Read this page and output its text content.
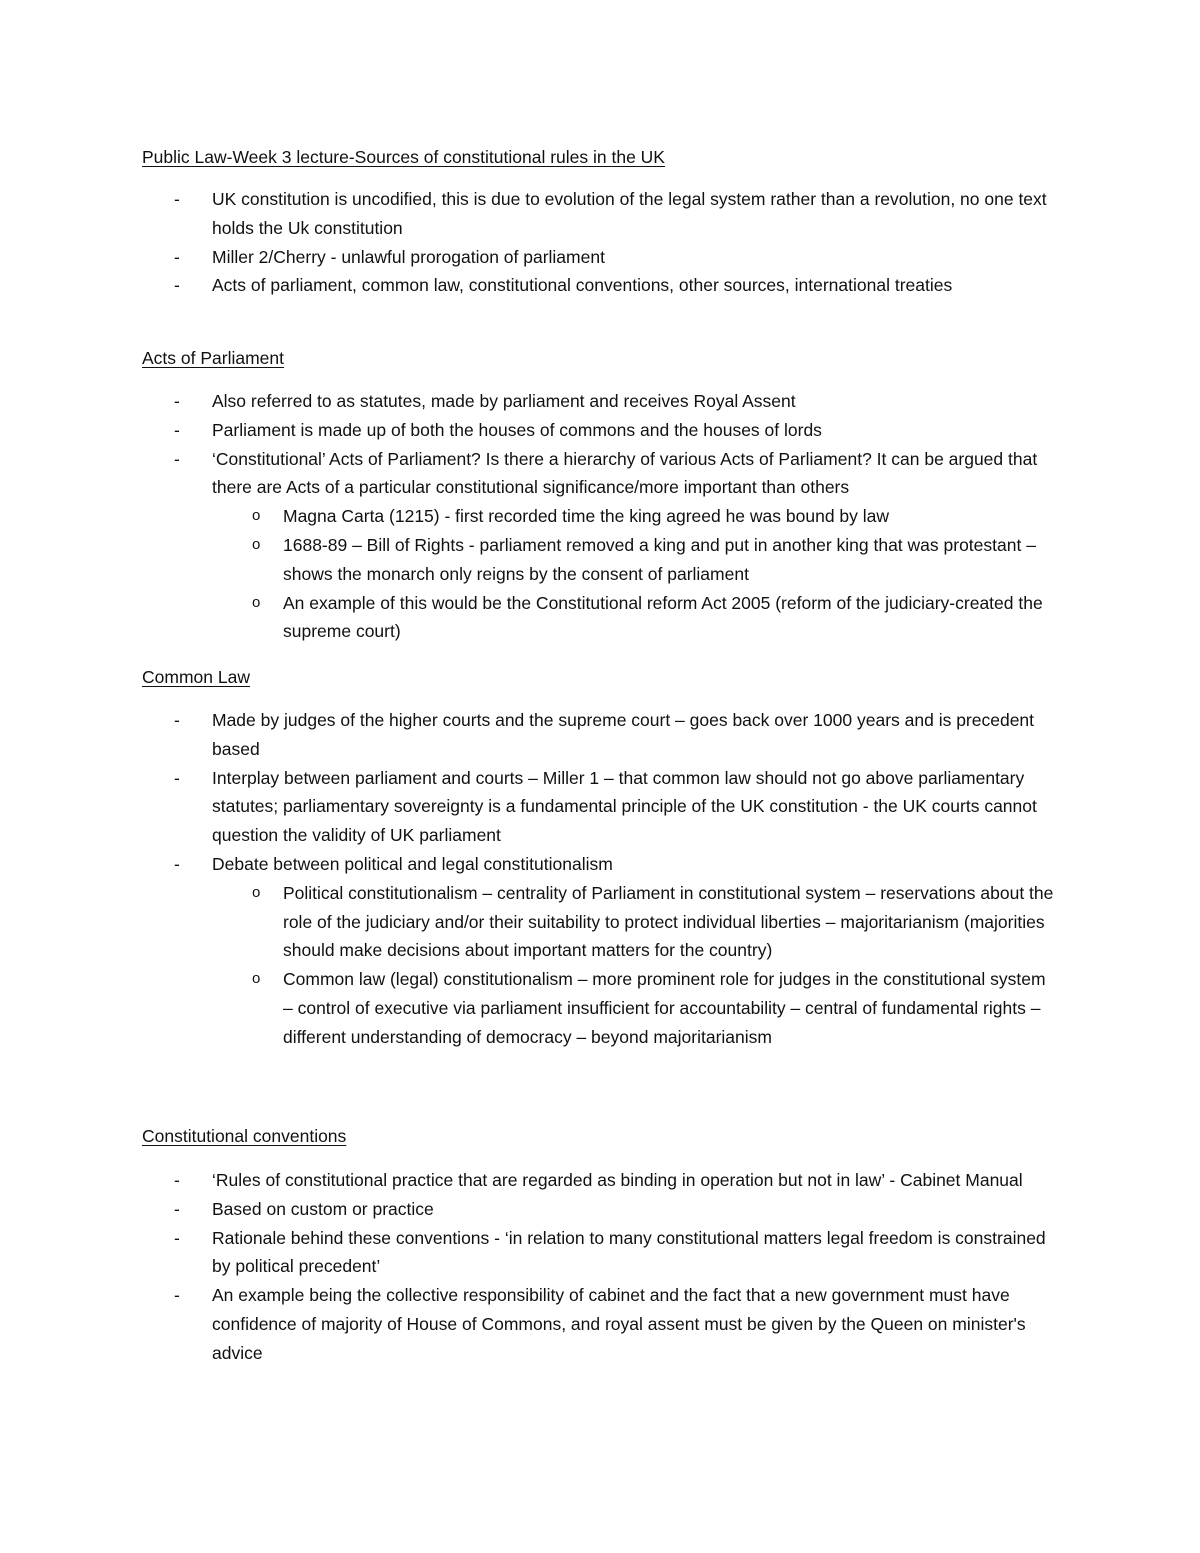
Public Law-Week 3 lecture-Sources of constitutional rules in the UK
- UK constitution is uncodified, this is due to evolution of the legal system rather than a revolution, no one text holds the Uk constitution
- Miller 2/Cherry - unlawful prorogation of parliament
- Acts of parliament, common law, constitutional conventions, other sources, international treaties
Acts of Parliament
- Also referred to as statutes, made by parliament and receives Royal Assent
- Parliament is made up of both the houses of commons and the houses of lords
- ‘Constitutional’ Acts of Parliament? Is there a hierarchy of various Acts of Parliament? It can be argued that there are Acts of a particular constitutional significance/more important than others
o Magna Carta (1215) - first recorded time the king agreed he was bound by law
o 1688-89 – Bill of Rights - parliament removed a king and put in another king that was protestant – shows the monarch only reigns by the consent of parliament
o An example of this would be the Constitutional reform Act 2005 (reform of the judiciary-created the supreme court)
Common Law
- Made by judges of the higher courts and the supreme court – goes back over 1000 years and is precedent based
- Interplay between parliament and courts – Miller 1 – that common law should not go above parliamentary statutes; parliamentary sovereignty is a fundamental principle of the UK constitution - the UK courts cannot question the validity of UK parliament
- Debate between political and legal constitutionalism
o Political constitutionalism – centrality of Parliament in constitutional system – reservations about the role of the judiciary and/or their suitability to protect individual liberties – majoritarianism (majorities should make decisions about important matters for the country)
o Common law (legal) constitutionalism – more prominent role for judges in the constitutional system – control of executive via parliament insufficient for accountability – central of fundamental rights – different understanding of democracy – beyond majoritarianism
Constitutional conventions
- ‘Rules of constitutional practice that are regarded as binding in operation but not in law’ - Cabinet Manual
- Based on custom or practice
- Rationale behind these conventions - ‘in relation to many constitutional matters legal freedom is constrained by political precedent’
- An example being the collective responsibility of cabinet and the fact that a new government must have confidence of majority of House of Commons, and royal assent must be given by the Queen on minister's advice
